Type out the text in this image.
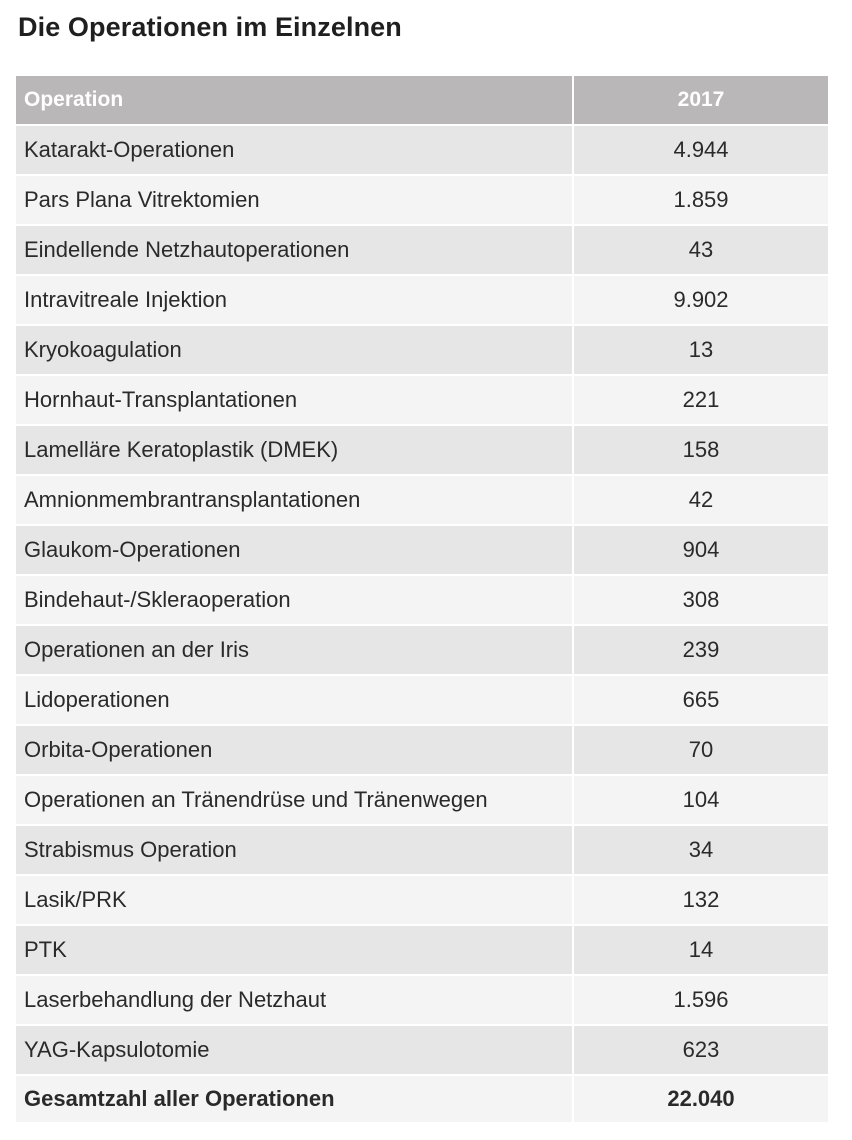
Die Operationen im Einzelnen
Operation	2017
Katarakt-Operationen	4.944
Pars Plana Vitrektomien	1.859
Eindellende Netzhautoperationen	43
Intravitreale Injektion	9.902
Kryokoagulation	13
Hornhaut-Transplantationen	221
Lamelläre Keratoplastik (DMEK)	158
Amnionmembrantransplantationen	42
Glaukom-Operationen	904
Bindehaut-/Skleraoperation	308
Operationen an der Iris	239
Lidoperationen	665
Orbita-Operationen	70
Operationen an Tränendrüse und Tränenwegen	104
Strabismus Operation	34
Lasik/PRK	132
PTK	14
Laserbehandlung der Netzhaut	1.596
YAG-Kapsulotomie	623
Gesamtzahl aller Operationen	22.040
